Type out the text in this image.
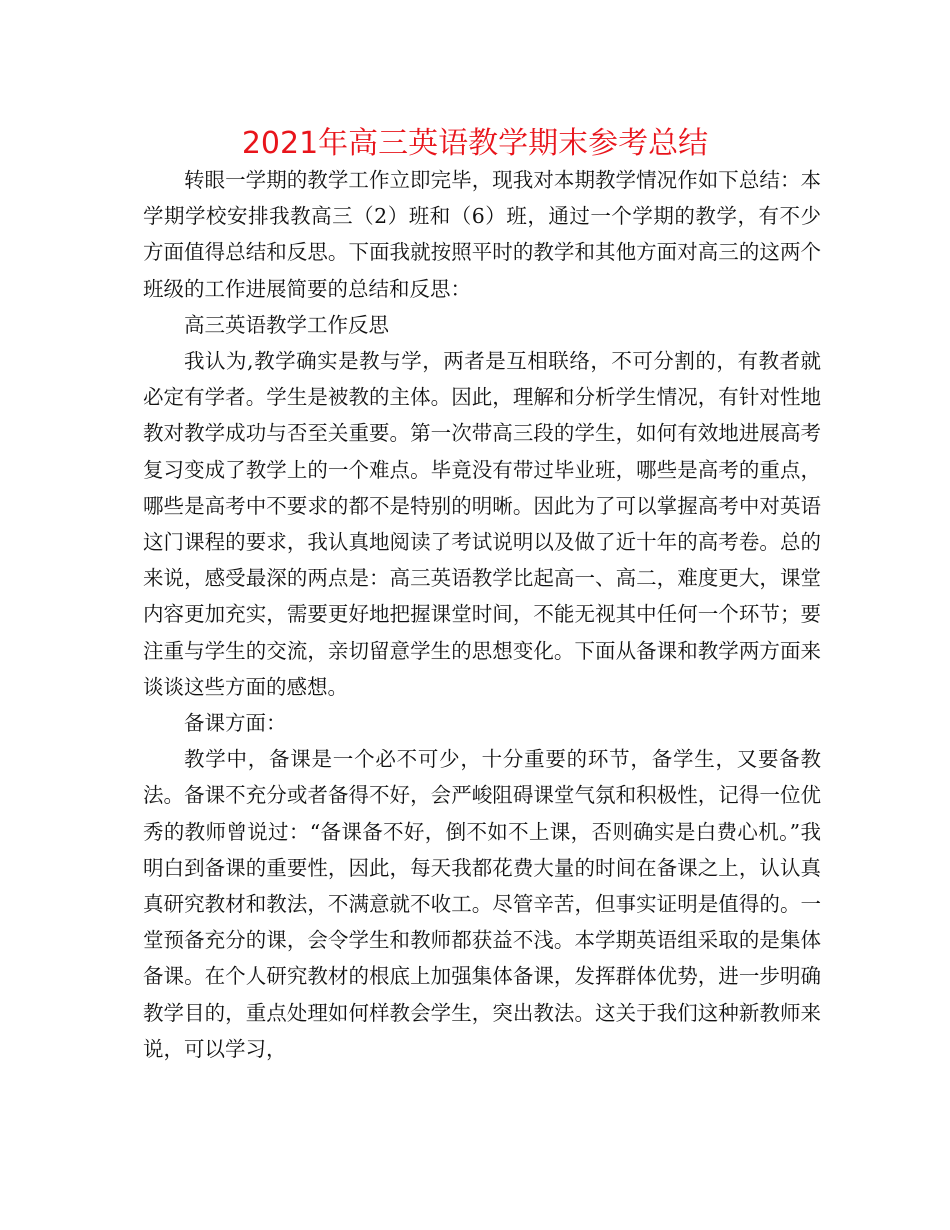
2021年高三英语教学期末参考总结

转眼一学期的教学工作立即完毕，现我对本期教学情况作如下总结：本学期学校安排我教高三（2）班和（6）班，通过一个学期的教学，有不少方面值得总结和反思。下面我就按照平时的教学和其他方面对高三的这两个班级的工作进展简要的总结和反思：

高三英语教学工作反思

我认为,教学确实是教与学，两者是互相联络，不可分割的，有教者就必定有学者。学生是被教的主体。因此，理解和分析学生情况，有针对性地教对教学成功与否至关重要。第一次带高三段的学生，如何有效地进展高考复习变成了教学上的一个难点。毕竟没有带过毕业班，哪些是高考的重点，哪些是高考中不要求的都不是特别的明晰。因此为了可以掌握高考中对英语这门课程的要求，我认真地阅读了考试说明以及做了近十年的高考卷。总的来说，感受最深的两点是：高三英语教学比起高一、高二，难度更大，课堂内容更加充实，需要更好地把握课堂时间，不能无视其中任何一个环节；要注重与学生的交流，亲切留意学生的思想变化。下面从备课和教学两方面来谈谈这些方面的感想。

备课方面：

教学中，备课是一个必不可少，十分重要的环节，备学生，又要备教法。备课不充分或者备得不好，会严峻阻碍课堂气氛和积极性，记得一位优秀的教师曾说过：“备课备不好，倒不如不上课，否则确实是白费心机。”我明白到备课的重要性，因此，每天我都花费大量的时间在备课之上，认认真真研究教材和教法，不满意就不收工。尽管辛苦，但事实证明是值得的。一堂预备充分的课，会令学生和教师都获益不浅。本学期英语组采取的是集体备课。在个人研究教材的根底上加强集体备课，发挥群体优势，进一步明确教学目的，重点处理如何样教会学生，突出教法。这关于我们这种新教师来说，可以学习，
